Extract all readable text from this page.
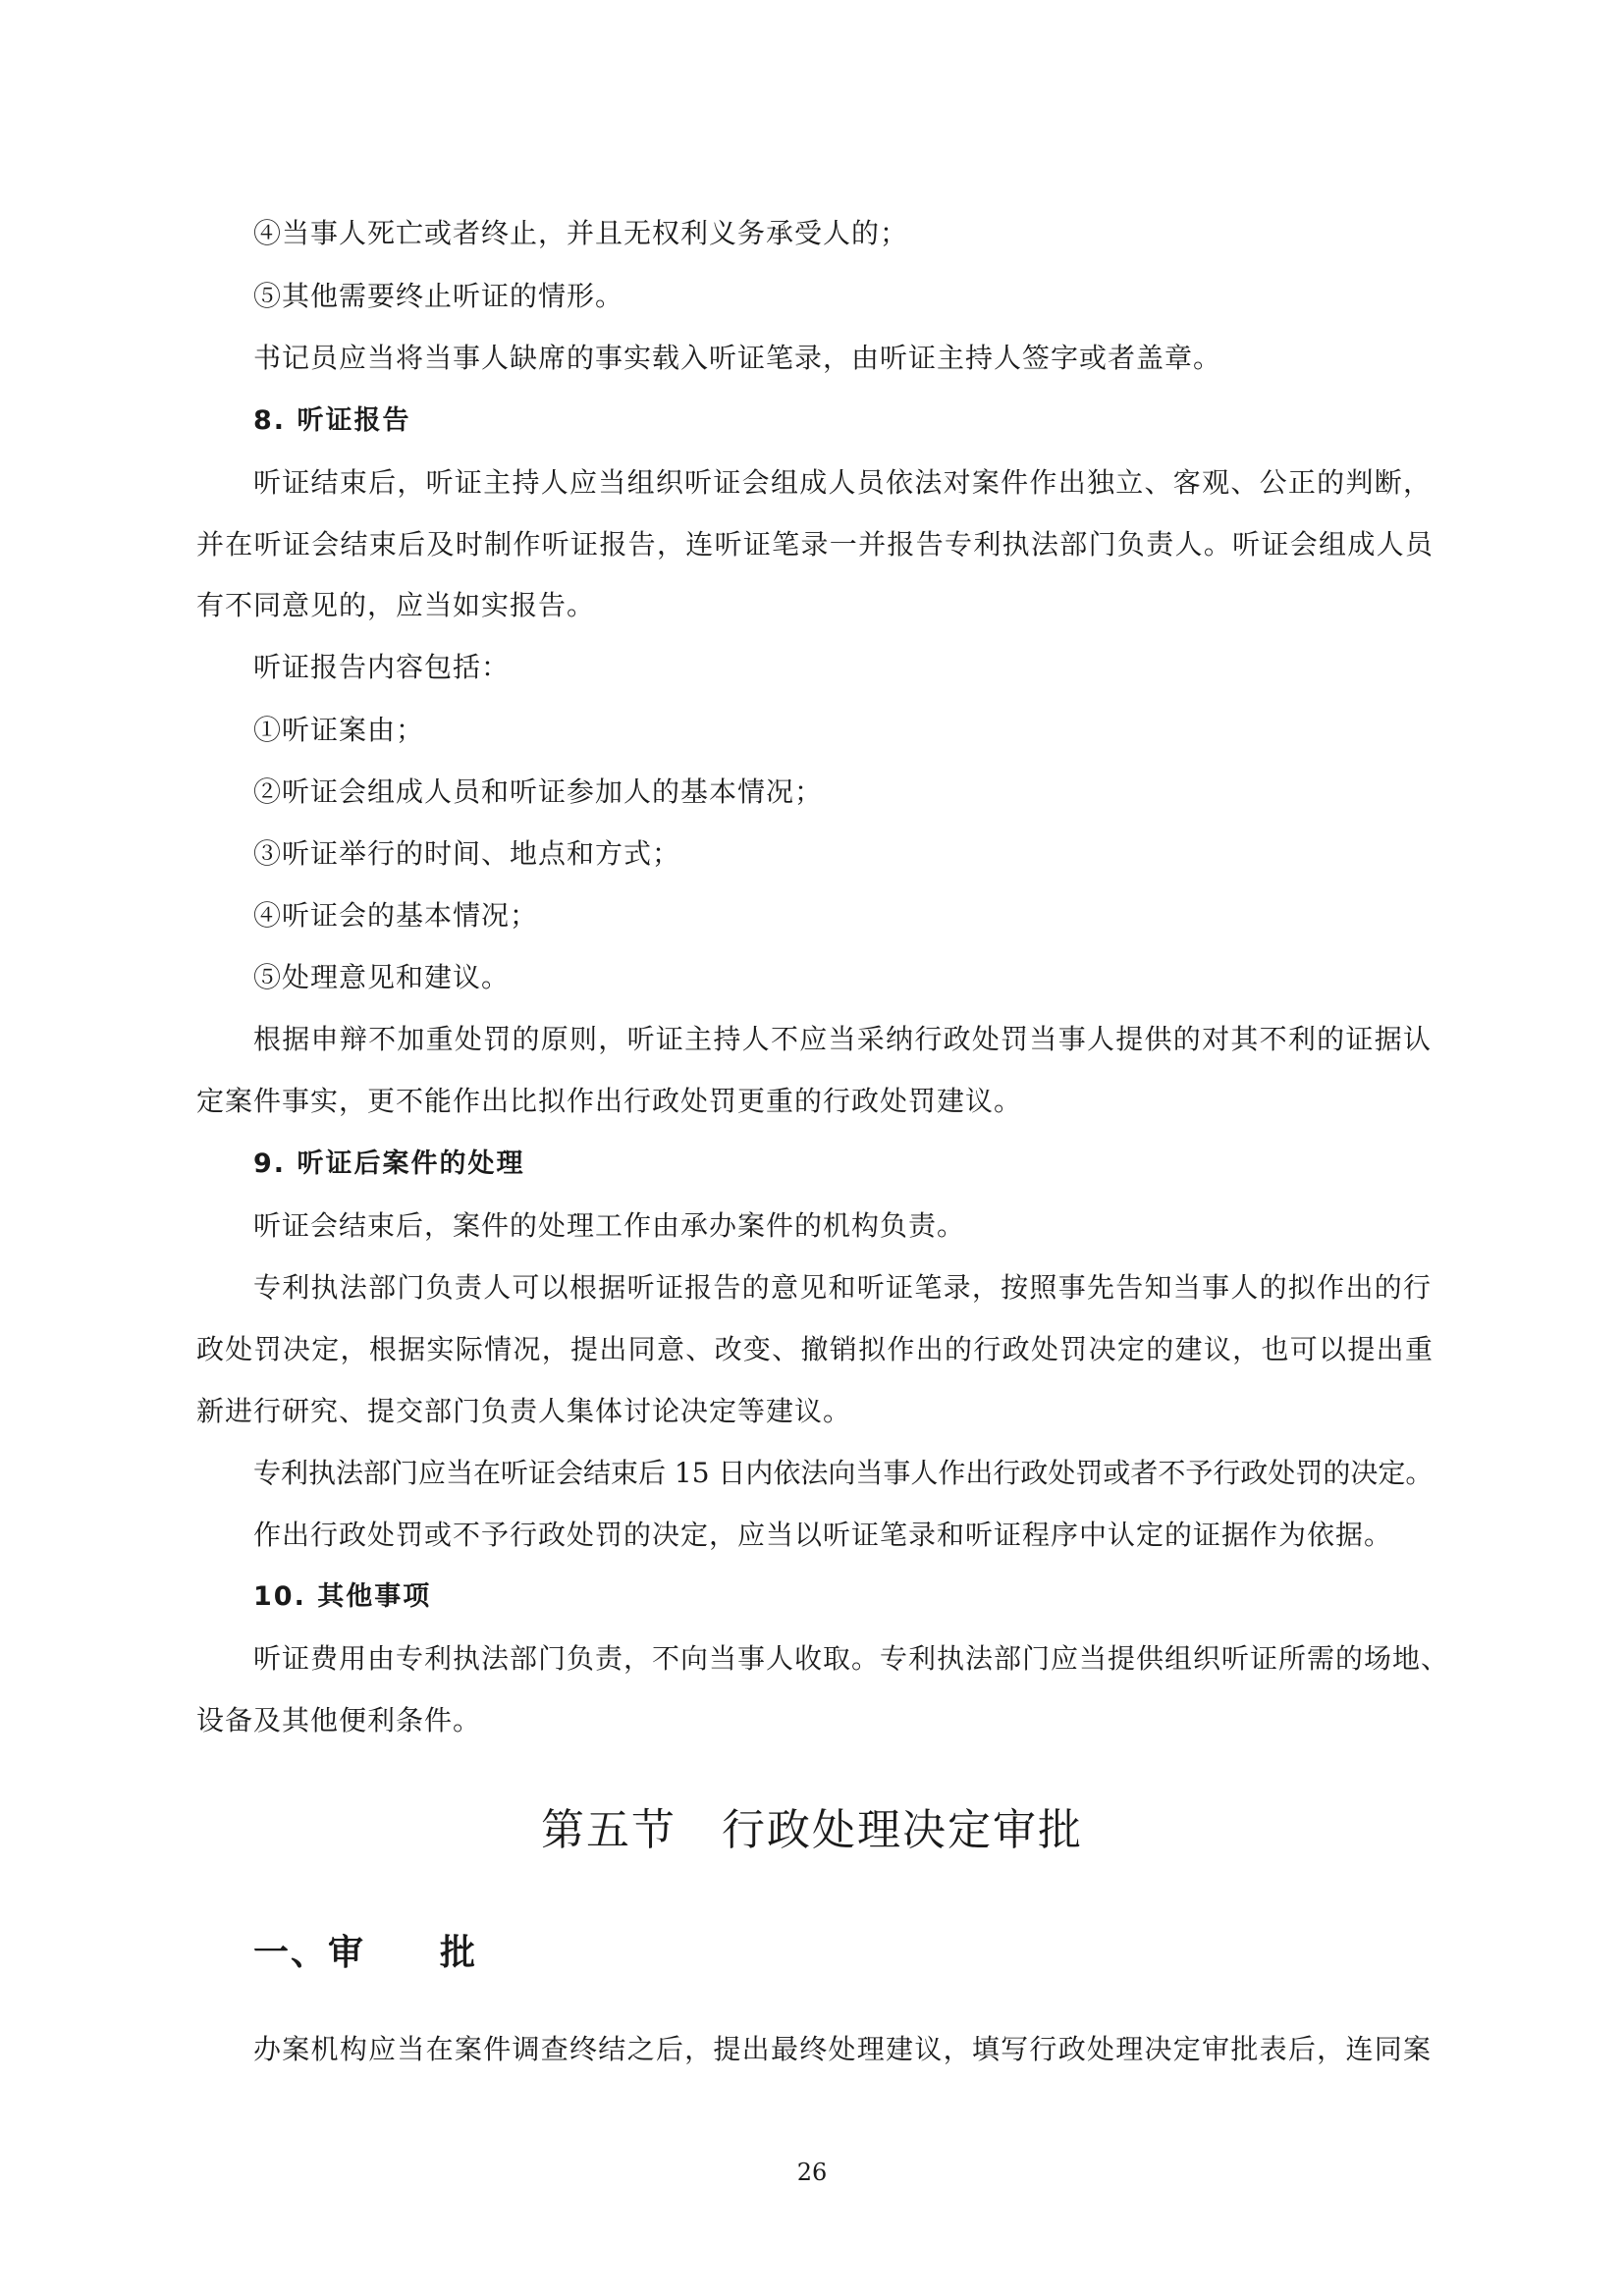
④当事人死亡或者终止，并且无权利义务承受人的；
⑤其他需要终止听证的情形。
书记员应当将当事人缺席的事实载入听证笔录，由听证主持人签字或者盖章。
8. 听证报告
听证结束后，听证主持人应当组织听证会组成人员依法对案件作出独立、客观、公正的判断，
并在听证会结束后及时制作听证报告，连听证笔录一并报告专利执法部门负责人。听证会组成人员
有不同意见的，应当如实报告。
听证报告内容包括：
①听证案由；
②听证会组成人员和听证参加人的基本情况；
③听证举行的时间、地点和方式；
④听证会的基本情况；
⑤处理意见和建议。
根据申辩不加重处罚的原则，听证主持人不应当采纳行政处罚当事人提供的对其不利的证据认
定案件事实，更不能作出比拟作出行政处罚更重的行政处罚建议。
9. 听证后案件的处理
听证会结束后，案件的处理工作由承办案件的机构负责。
专利执法部门负责人可以根据听证报告的意见和听证笔录，按照事先告知当事人的拟作出的行
政处罚决定，根据实际情况，提出同意、改变、撤销拟作出的行政处罚决定的建议，也可以提出重
新进行研究、提交部门负责人集体讨论决定等建议。
专利执法部门应当在听证会结束后 15 日内依法向当事人作出行政处罚或者不予行政处罚的决定。
作出行政处罚或不予行政处罚的决定，应当以听证笔录和听证程序中认定的证据作为依据。
10. 其他事项
听证费用由专利执法部门负责，不向当事人收取。专利执法部门应当提供组织听证所需的场地、
设备及其他便利条件。
第五节　行政处理决定审批
一、审　　批
办案机构应当在案件调查终结之后，提出最终处理建议，填写行政处理决定审批表后，连同案
26
